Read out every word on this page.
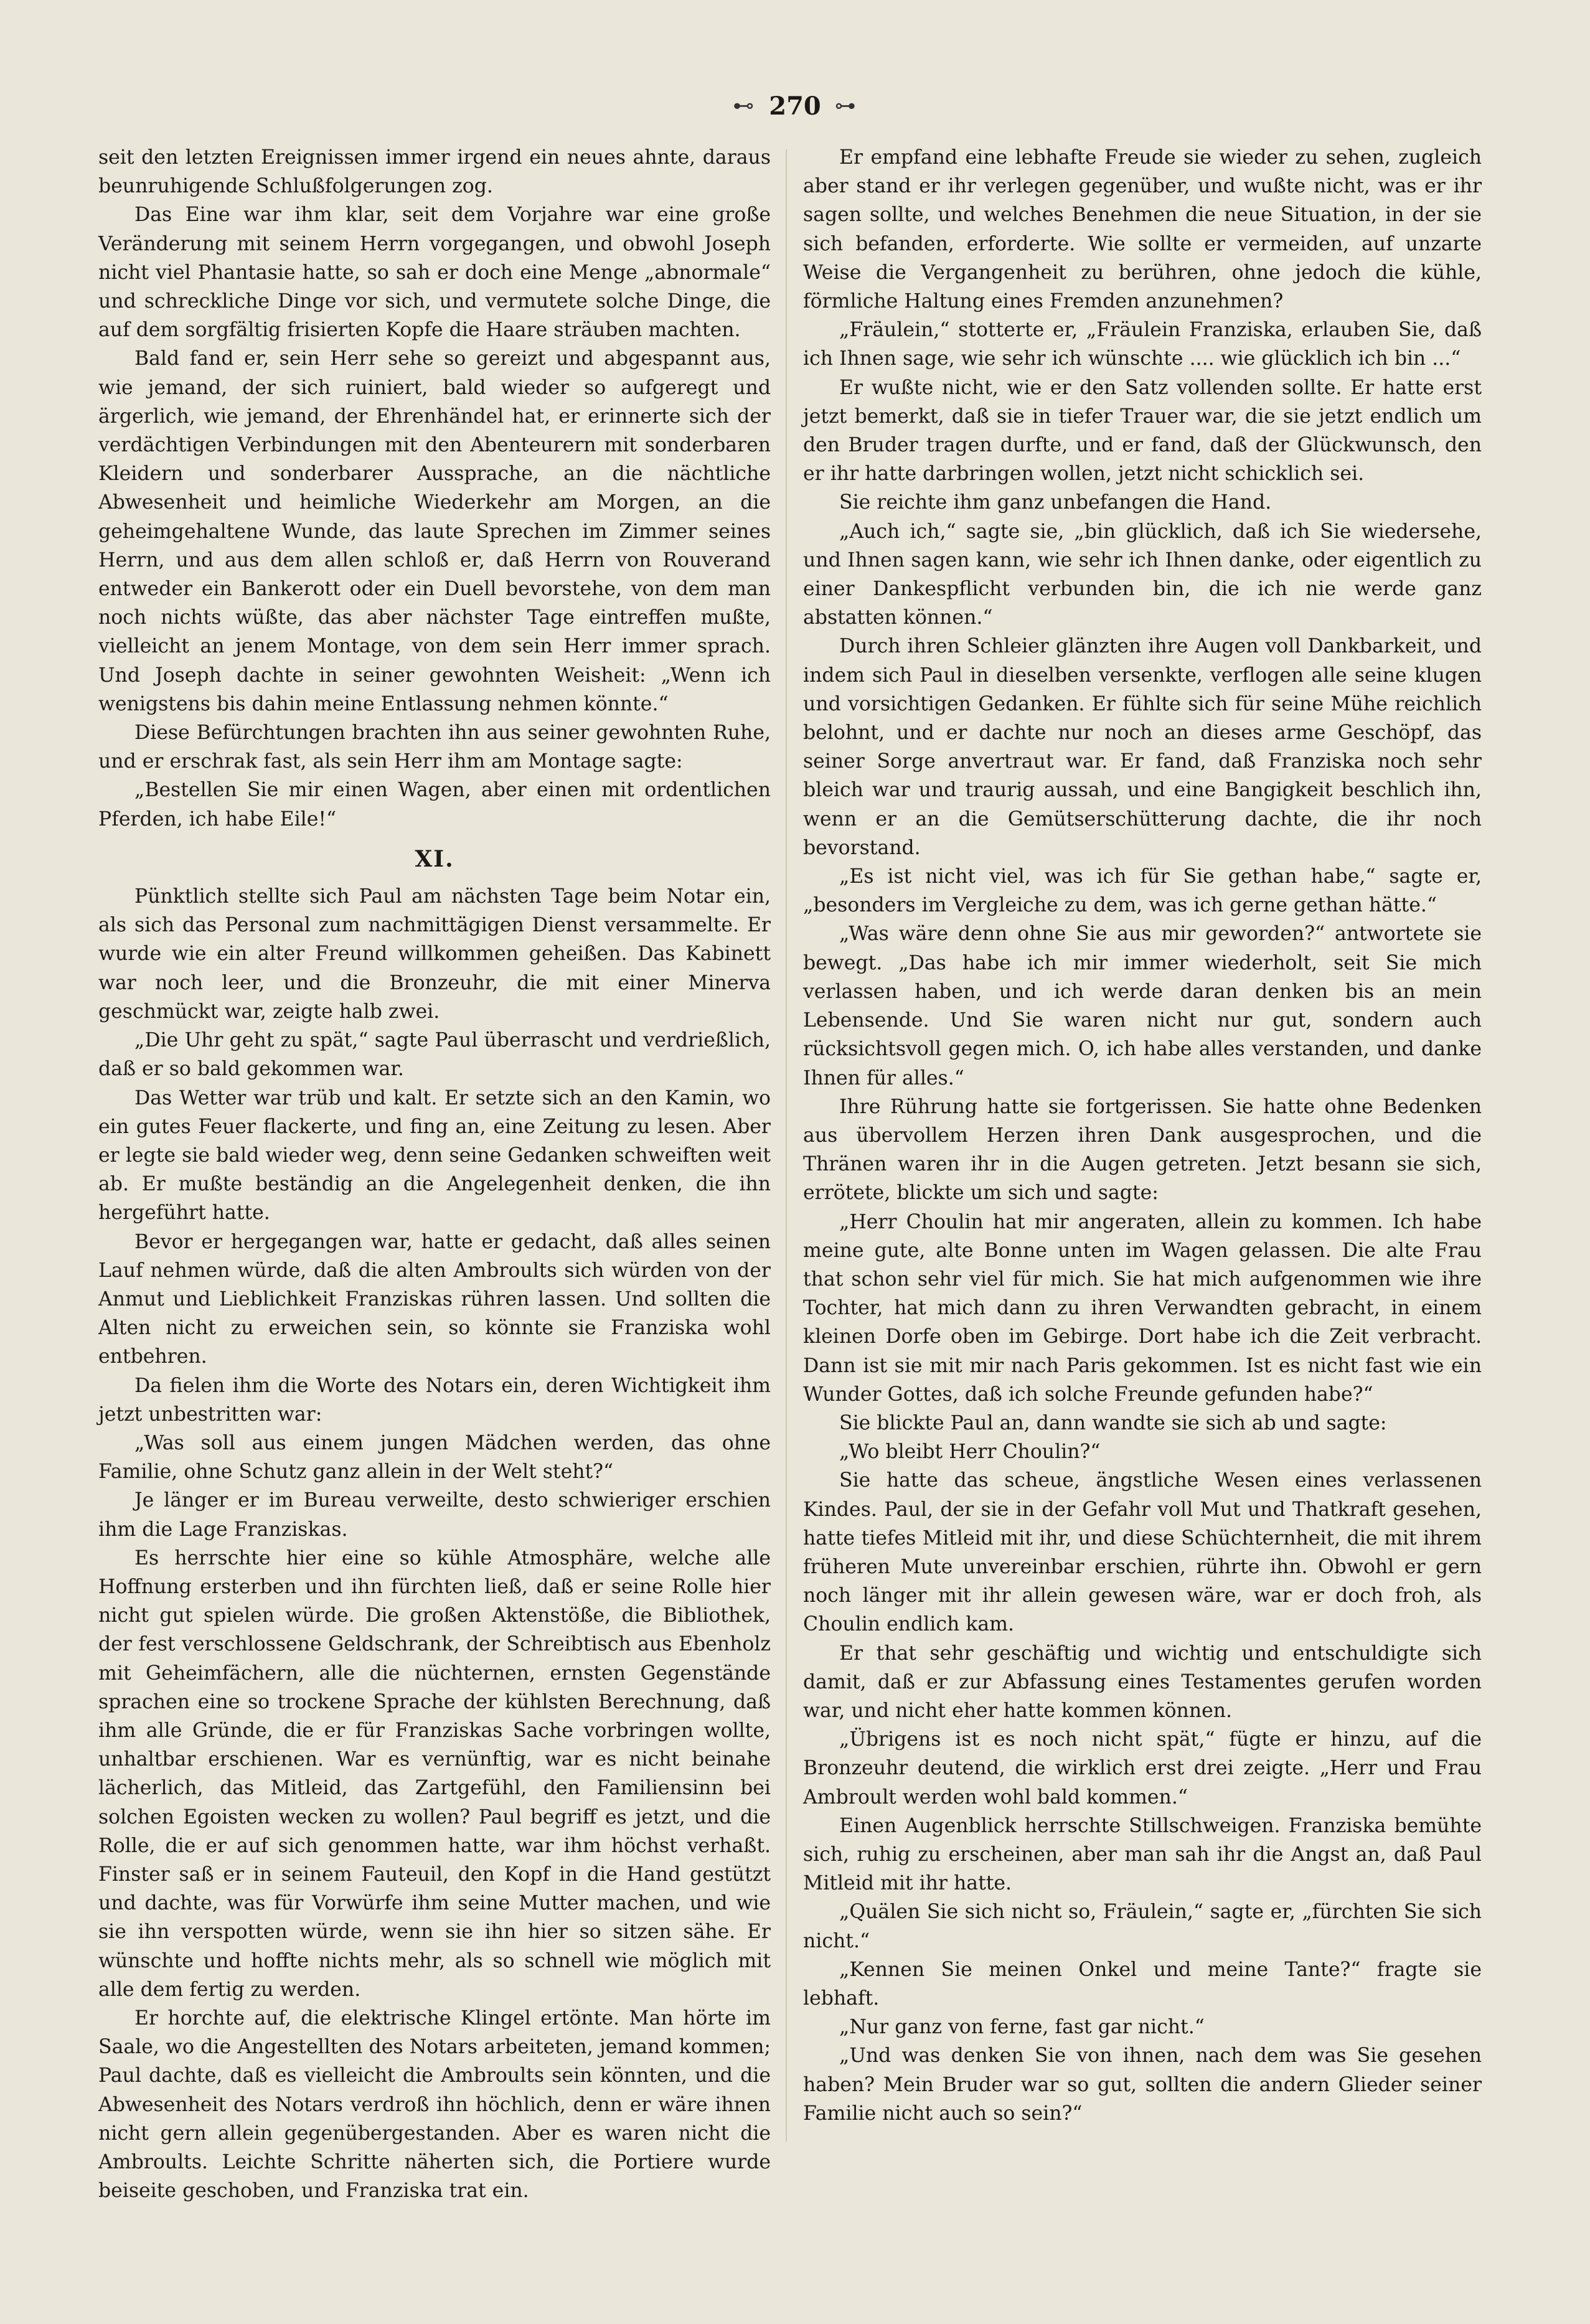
⊷ 270 ⊶

seit den letzten Ereignissen immer irgend ein neues ahnte, daraus beunruhigende Schlußfolgerungen zog.

Das Eine war ihm klar, seit dem Vorjahre war eine große Veränderung mit seinem Herrn vorgegangen, und obwohl Joseph nicht viel Phantasie hatte, so sah er doch eine Menge „abnormale“ und schreckliche Dinge vor sich, und vermutete solche Dinge, die auf dem sorgfältig frisierten Kopfe die Haare sträuben machten.

Bald fand er, sein Herr sehe so gereizt und abgespannt aus, wie jemand, der sich ruiniert, bald wieder so aufgeregt und ärgerlich, wie jemand, der Ehrenhändel hat, er erinnerte sich der verdächtigen Verbindungen mit den Abenteurern mit sonderbaren Kleidern und sonderbarer Aussprache, an die nächtliche Abwesenheit und heimliche Wiederkehr am Morgen, an die geheimgehaltene Wunde, das laute Sprechen im Zimmer seines Herrn, und aus dem allen schloß er, daß Herrn von Rouverand entweder ein Bankerott oder ein Duell bevorstehe, von dem man noch nichts wüßte, das aber nächster Tage eintreffen mußte, vielleicht an jenem Montage, von dem sein Herr immer sprach. Und Joseph dachte in seiner gewohnten Weisheit: „Wenn ich wenigstens bis dahin meine Entlassung nehmen könnte.“

Diese Befürchtungen brachten ihn aus seiner gewohnten Ruhe, und er erschrak fast, als sein Herr ihm am Montage sagte:

„Bestellen Sie mir einen Wagen, aber einen mit ordentlichen Pferden, ich habe Eile!“

XI.

Pünktlich stellte sich Paul am nächsten Tage beim Notar ein, als sich das Personal zum nachmittägigen Dienst versammelte. Er wurde wie ein alter Freund willkommen geheißen. Das Kabinett war noch leer, und die Bronzeuhr, die mit einer Minerva geschmückt war, zeigte halb zwei.

„Die Uhr geht zu spät,“ sagte Paul überrascht und verdrießlich, daß er so bald gekommen war.

Das Wetter war trüb und kalt. Er setzte sich an den Kamin, wo ein gutes Feuer flackerte, und fing an, eine Zeitung zu lesen. Aber er legte sie bald wieder weg, denn seine Gedanken schweiften weit ab. Er mußte beständig an die Angelegenheit denken, die ihn hergeführt hatte.

Bevor er hergegangen war, hatte er gedacht, daß alles seinen Lauf nehmen würde, daß die alten Ambroults sich würden von der Anmut und Lieblichkeit Franziskas rühren lassen. Und sollten die Alten nicht zu erweichen sein, so könnte sie Franziska wohl entbehren.

Da fielen ihm die Worte des Notars ein, deren Wichtigkeit ihm jetzt unbestritten war:

„Was soll aus einem jungen Mädchen werden, das ohne Familie, ohne Schutz ganz allein in der Welt steht?“

Je länger er im Bureau verweilte, desto schwieriger erschien ihm die Lage Franziskas.

Es herrschte hier eine so kühle Atmosphäre, welche alle Hoffnung ersterben und ihn fürchten ließ, daß er seine Rolle hier nicht gut spielen würde. Die großen Aktenstöße, die Bibliothek, der fest verschlossene Geldschrank, der Schreibtisch aus Ebenholz mit Geheimfächern, alle die nüchternen, ernsten Gegenstände sprachen eine so trockene Sprache der kühlsten Berechnung, daß ihm alle Gründe, die er für Franziskas Sache vorbringen wollte, unhaltbar erschienen. War es vernünftig, war es nicht beinahe lächerlich, das Mitleid, das Zartgefühl, den Familiensinn bei solchen Egoisten wecken zu wollen? Paul begriff es jetzt, und die Rolle, die er auf sich genommen hatte, war ihm höchst verhaßt. Finster saß er in seinem Fauteuil, den Kopf in die Hand gestützt und dachte, was für Vorwürfe ihm seine Mutter machen, und wie sie ihn verspotten würde, wenn sie ihn hier so sitzen sähe. Er wünschte und hoffte nichts mehr, als so schnell wie möglich mit alle dem fertig zu werden.

Er horchte auf, die elektrische Klingel ertönte. Man hörte im Saale, wo die Angestellten des Notars arbeiteten, jemand kommen; Paul dachte, daß es vielleicht die Ambroults sein könnten, und die Abwesenheit des Notars verdroß ihn höchlich, denn er wäre ihnen nicht gern allein gegenübergestanden. Aber es waren nicht die Ambroults. Leichte Schritte näherten sich, die Portiere wurde beiseite geschoben, und Franziska trat ein.

Er empfand eine lebhafte Freude sie wieder zu sehen, zugleich aber stand er ihr verlegen gegenüber, und wußte nicht, was er ihr sagen sollte, und welches Benehmen die neue Situation, in der sie sich befanden, erforderte. Wie sollte er vermeiden, auf unzarte Weise die Vergangenheit zu berühren, ohne jedoch die kühle, förmliche Haltung eines Fremden anzunehmen?

„Fräulein,“ stotterte er, „Fräulein Franziska, erlauben Sie, daß ich Ihnen sage, wie sehr ich wünschte .... wie glücklich ich bin ...“

Er wußte nicht, wie er den Satz vollenden sollte. Er hatte erst jetzt bemerkt, daß sie in tiefer Trauer war, die sie jetzt endlich um den Bruder tragen durfte, und er fand, daß der Glückwunsch, den er ihr hatte darbringen wollen, jetzt nicht schicklich sei.

Sie reichte ihm ganz unbefangen die Hand.

„Auch ich,“ sagte sie, „bin glücklich, daß ich Sie wiedersehe, und Ihnen sagen kann, wie sehr ich Ihnen danke, oder eigentlich zu einer Dankespflicht verbunden bin, die ich nie werde ganz abstatten können.“

Durch ihren Schleier glänzten ihre Augen voll Dankbarkeit, und indem sich Paul in dieselben versenkte, verflogen alle seine klugen und vorsichtigen Gedanken. Er fühlte sich für seine Mühe reichlich belohnt, und er dachte nur noch an dieses arme Geschöpf, das seiner Sorge anvertraut war. Er fand, daß Franziska noch sehr bleich war und traurig aussah, und eine Bangigkeit beschlich ihn, wenn er an die Gemütserschütterung dachte, die ihr noch bevorstand.

„Es ist nicht viel, was ich für Sie gethan habe,“ sagte er, „besonders im Vergleiche zu dem, was ich gerne gethan hätte.“

„Was wäre denn ohne Sie aus mir geworden?“ antwortete sie bewegt. „Das habe ich mir immer wiederholt, seit Sie mich verlassen haben, und ich werde daran denken bis an mein Lebensende. Und Sie waren nicht nur gut, sondern auch rücksichtsvoll gegen mich. O, ich habe alles verstanden, und danke Ihnen für alles.“

Ihre Rührung hatte sie fortgerissen. Sie hatte ohne Bedenken aus übervollem Herzen ihren Dank ausgesprochen, und die Thränen waren ihr in die Augen getreten. Jetzt besann sie sich, errötete, blickte um sich und sagte:

„Herr Choulin hat mir angeraten, allein zu kommen. Ich habe meine gute, alte Bonne unten im Wagen gelassen. Die alte Frau that schon sehr viel für mich. Sie hat mich aufgenommen wie ihre Tochter, hat mich dann zu ihren Verwandten gebracht, in einem kleinen Dorfe oben im Gebirge. Dort habe ich die Zeit verbracht. Dann ist sie mit mir nach Paris gekommen. Ist es nicht fast wie ein Wunder Gottes, daß ich solche Freunde gefunden habe?“

Sie blickte Paul an, dann wandte sie sich ab und sagte:

„Wo bleibt Herr Choulin?“

Sie hatte das scheue, ängstliche Wesen eines verlassenen Kindes. Paul, der sie in der Gefahr voll Mut und Thatkraft gesehen, hatte tiefes Mitleid mit ihr, und diese Schüchternheit, die mit ihrem früheren Mute unvereinbar erschien, rührte ihn. Obwohl er gern noch länger mit ihr allein gewesen wäre, war er doch froh, als Choulin endlich kam.

Er that sehr geschäftig und wichtig und entschuldigte sich damit, daß er zur Abfassung eines Testamentes gerufen worden war, und nicht eher hatte kommen können.

„Übrigens ist es noch nicht spät,“ fügte er hinzu, auf die Bronzeuhr deutend, die wirklich erst drei zeigte. „Herr und Frau Ambroult werden wohl bald kommen.“

Einen Augenblick herrschte Stillschweigen. Franziska bemühte sich, ruhig zu erscheinen, aber man sah ihr die Angst an, daß Paul Mitleid mit ihr hatte.

„Quälen Sie sich nicht so, Fräulein,“ sagte er, „fürchten Sie sich nicht.“

„Kennen Sie meinen Onkel und meine Tante?“ fragte sie lebhaft.

„Nur ganz von ferne, fast gar nicht.“

„Und was denken Sie von ihnen, nach dem was Sie gesehen haben? Mein Bruder war so gut, sollten die andern Glieder seiner Familie nicht auch so sein?“
